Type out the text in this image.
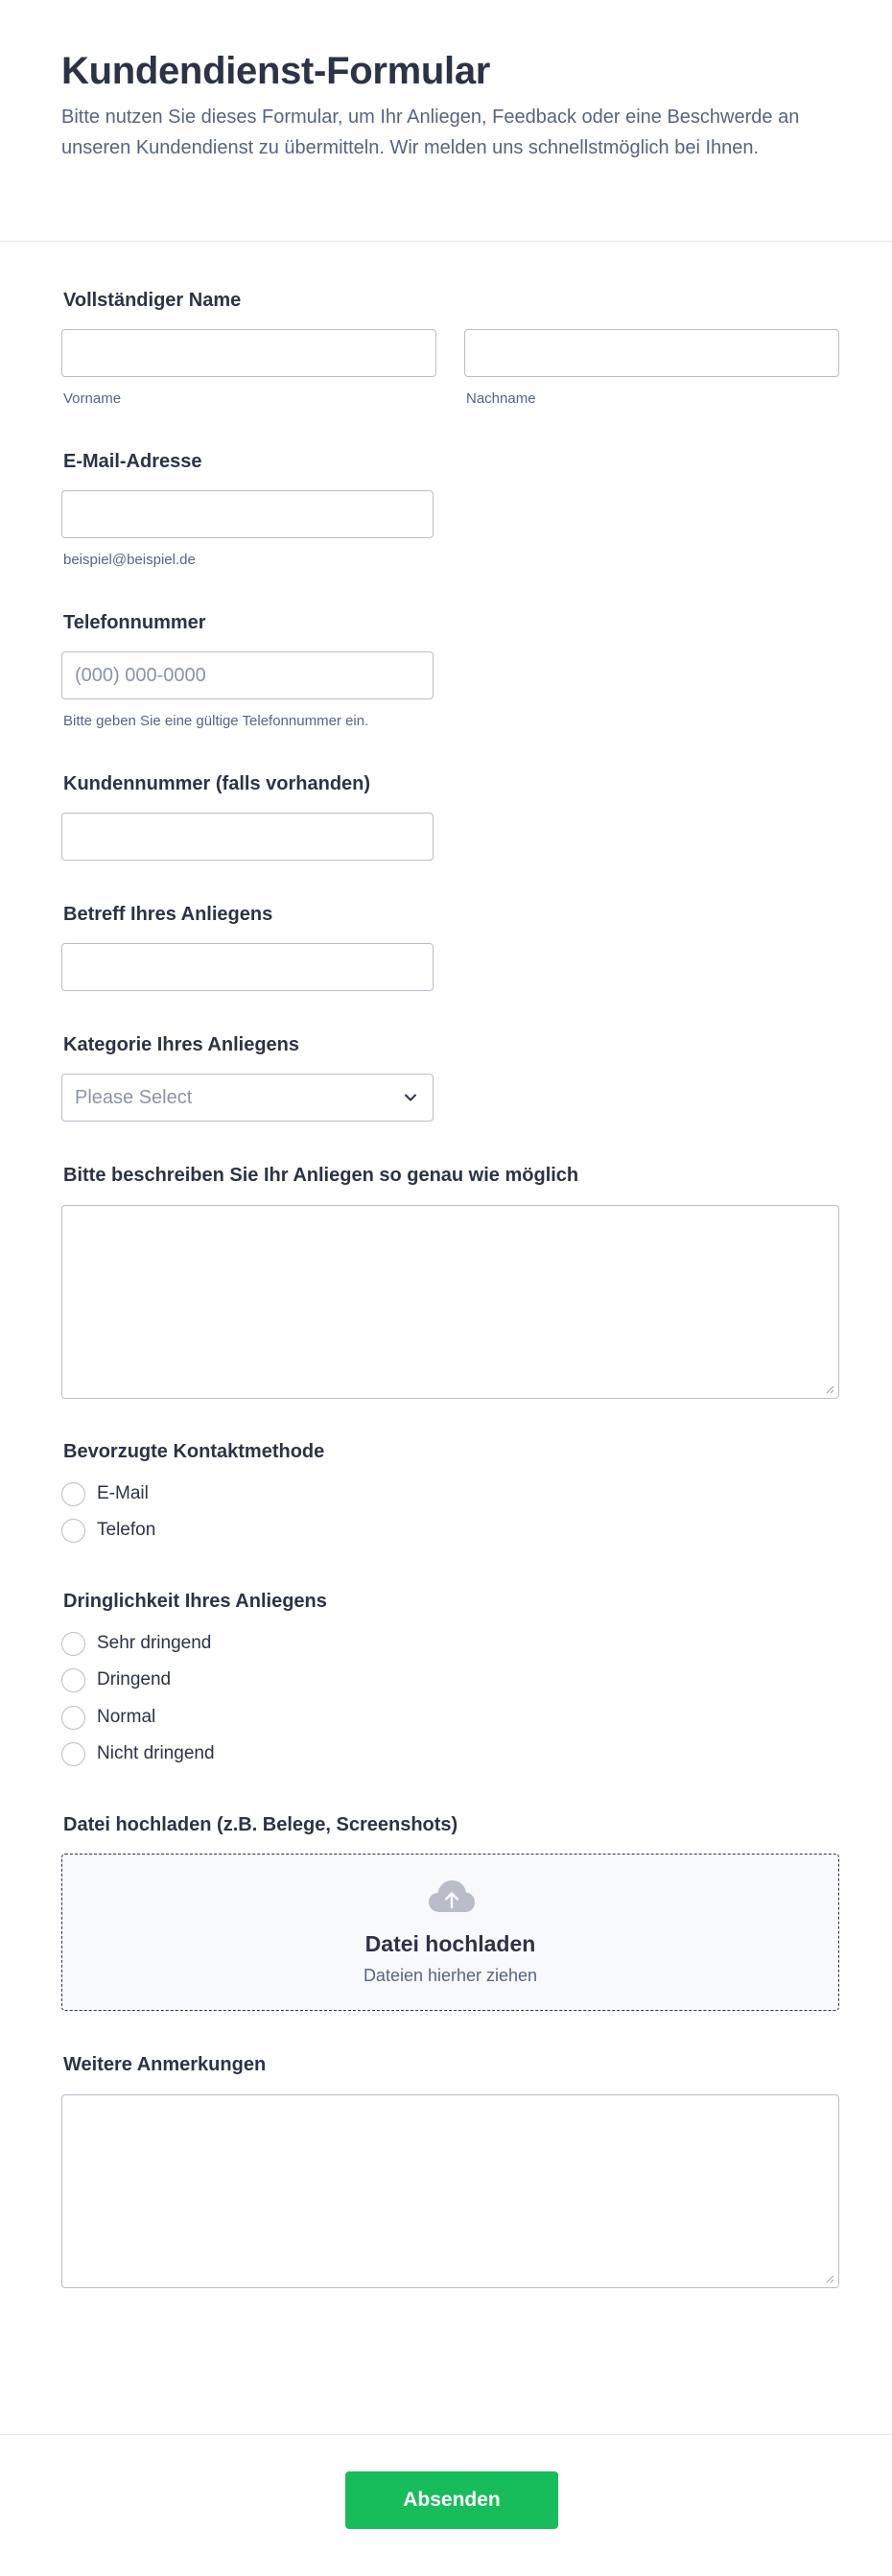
Kundendienst-Formular

Bitte nutzen Sie dieses Formular, um Ihr Anliegen, Feedback oder eine Beschwerde an unseren Kundendienst zu übermitteln. Wir melden uns schnellstmöglich bei Ihnen.

Vollständiger Name
Vorname	Nachname
E-Mail-Adresse
beispiel@beispiel.de
Telefonnummer
(000) 000-0000
Bitte geben Sie eine gültige Telefonnummer ein.
Kundennummer (falls vorhanden)
Betreff Ihres Anliegens
Kategorie Ihres Anliegens
Please Select
Bitte beschreiben Sie Ihr Anliegen so genau wie möglich
Bevorzugte Kontaktmethode
E-Mail
Telefon
Dringlichkeit Ihres Anliegens
Sehr dringend
Dringend
Normal
Nicht dringend
Datei hochladen (z.B. Belege, Screenshots)
Datei hochladen
Dateien hierher ziehen
Weitere Anmerkungen
Absenden
